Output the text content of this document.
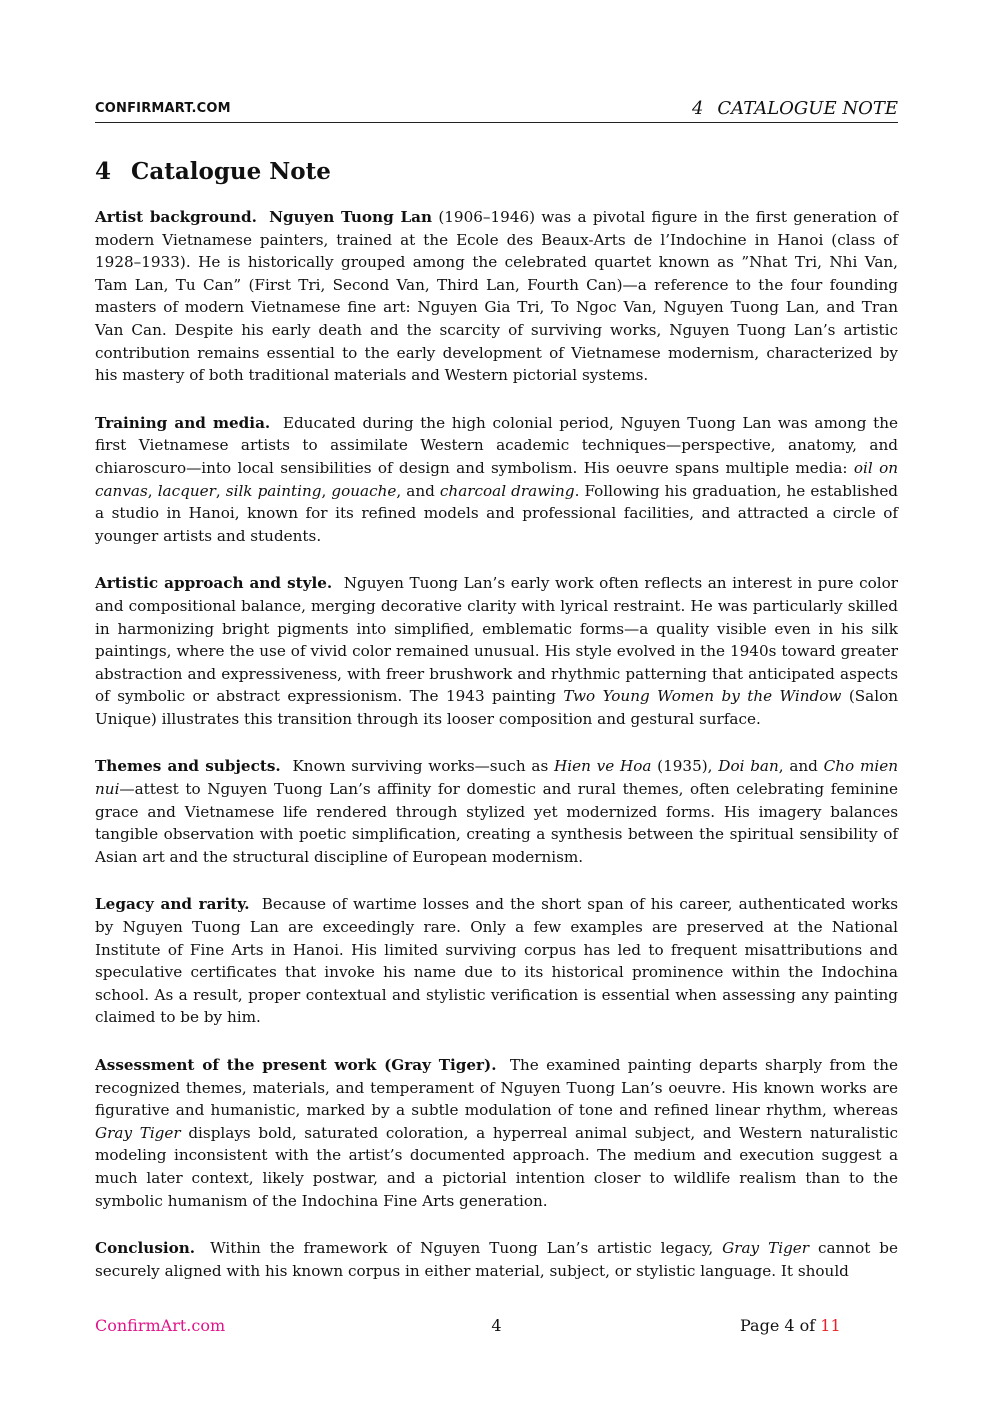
CONFIRMART.COM	4 CATALOGUE NOTE
4 Catalogue Note

Artist background. Nguyen Tuong Lan (1906–1946) was a pivotal figure in the first generation of modern Vietnamese painters, trained at the Ecole des Beaux-Arts de l’Indochine in Hanoi (class of 1928–1933). He is historically grouped among the celebrated quartet known as ”Nhat Tri, Nhi Van, Tam Lan, Tu Can” (First Tri, Second Van, Third Lan, Fourth Can)—a reference to the four founding masters of modern Vietnamese fine art: Nguyen Gia Tri, To Ngoc Van, Nguyen Tuong Lan, and Tran Van Can. Despite his early death and the scarcity of surviving works, Nguyen Tuong Lan’s artistic contribution remains essential to the early development of Vietnamese modernism, characterized by his mastery of both traditional materials and Western pictorial systems.

Training and media. Educated during the high colonial period, Nguyen Tuong Lan was among the first Vietnamese artists to assimilate Western academic techniques—perspective, anatomy, and chiaroscuro—into local sensibilities of design and symbolism. His oeuvre spans multiple media: oil on canvas, lacquer, silk painting, gouache, and charcoal drawing. Following his graduation, he established a studio in Hanoi, known for its refined models and professional facilities, and attracted a circle of younger artists and students.

Artistic approach and style. Nguyen Tuong Lan’s early work often reflects an interest in pure color and compositional balance, merging decorative clarity with lyrical restraint. He was particularly skilled in harmonizing bright pigments into simplified, emblematic forms—a quality visible even in his silk paintings, where the use of vivid color remained unusual. His style evolved in the 1940s toward greater abstraction and expressiveness, with freer brushwork and rhythmic patterning that anticipated aspects of symbolic or abstract expressionism. The 1943 painting Two Young Women by the Window (Salon Unique) illustrates this transition through its looser composition and gestural surface.

Themes and subjects. Known surviving works—such as Hien ve Hoa (1935), Doi ban, and Cho mien nui—attest to Nguyen Tuong Lan’s affinity for domestic and rural themes, often celebrating feminine grace and Vietnamese life rendered through stylized yet modernized forms. His imagery balances tangible observation with poetic simplification, creating a synthesis between the spiritual sensibility of Asian art and the structural discipline of European modernism.

Legacy and rarity. Because of wartime losses and the short span of his career, authenticated works by Nguyen Tuong Lan are exceedingly rare. Only a few examples are preserved at the National Institute of Fine Arts in Hanoi. His limited surviving corpus has led to frequent misattributions and speculative certificates that invoke his name due to its historical prominence within the Indochina school. As a result, proper contextual and stylistic verification is essential when assessing any painting claimed to be by him.

Assessment of the present work (Gray Tiger). The examined painting departs sharply from the recognized themes, materials, and temperament of Nguyen Tuong Lan’s oeuvre. His known works are figurative and humanistic, marked by a subtle modulation of tone and refined linear rhythm, whereas Gray Tiger displays bold, saturated coloration, a hyperreal animal subject, and Western naturalistic modeling inconsistent with the artist’s documented approach. The medium and execution suggest a much later context, likely postwar, and a pictorial intention closer to wildlife realism than to the symbolic humanism of the Indochina Fine Arts generation.

Conclusion. Within the framework of Nguyen Tuong Lan’s artistic legacy, Gray Tiger cannot be securely aligned with his known corpus in either material, subject, or stylistic language. It should

ConfirmArt.com	4	Page 4 of 11
